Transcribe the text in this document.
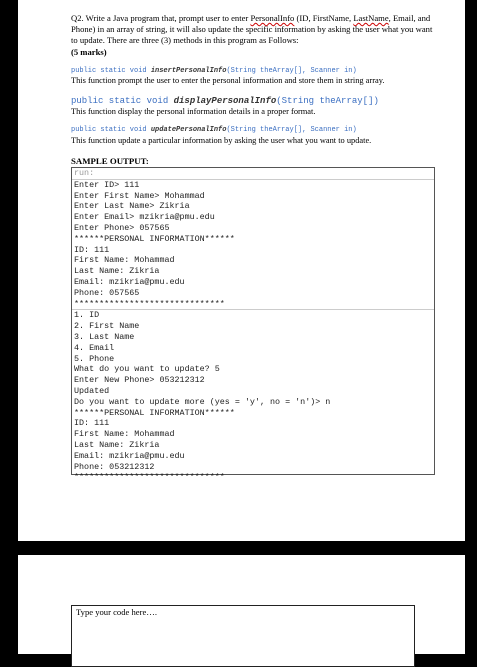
Q2. Write a Java program that, prompt user to enter PersonalInfo (ID, FirstName, LastName, Email, and Phone) in an array of string, it will also update the specific information by asking the user what you want to update. There are three (3) methods in this program as Follows:
(5 marks)
public static void insertPersonalInfo(String theArray[], Scanner in)
This function prompt the user to enter the personal information and store them in string array.
public static void displayPersonalInfo(String theArray[])
This function display the personal information details in a proper format.
public static void updatePersonalInfo(String theArray[], Scanner in)
This function update a particular information by asking the user what you want to update.
SAMPLE OUTPUT:
run:
Enter ID> 111
Enter First Name> Mohammad
Enter Last Name> Zikria
Enter Email> mzikria@pmu.edu
Enter Phone> 057565
******PERSONAL INFORMATION******
ID: 111
First Name: Mohammad
Last Name: Zikria
Email: mzikria@pmu.edu
Phone: 057565
******************************
1. ID
2. First Name
3. Last Name
4. Email
5. Phone
What do you want to update? 5
Enter New Phone> 053212312
Updated
Do you want to update more (yes = 'y', no = 'n')> n
******PERSONAL INFORMATION******
ID: 111
First Name: Mohammad
Last Name: Zikria
Email: mzikria@pmu.edu
Phone: 053212312
******************************
Type your code here….
